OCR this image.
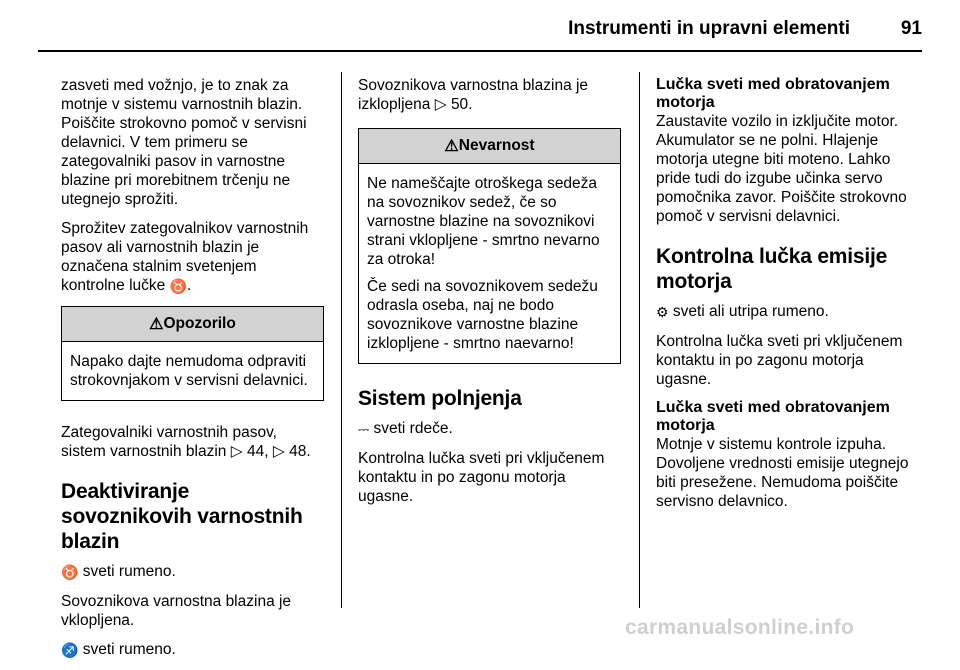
Instrumenti in upravni elementi	91

zasveti med vožnjo, je to znak za motnje v sistemu varnostnih blazin. Poiščite strokovno pomoč v servisni delavnici. V tem primeru se zategovalniki pasov in varnostne blazine pri morebitnem trčenju ne utegnejo sprožiti.

Sprožitev zategovalnikov varnostnih pasov ali varnostnih blazin je označena stalnim svetenjem kontrolne lučke ♉.

⚠Opozorilo

Napako dajte nemudoma odpraviti strokovnjakom v servisni delavnici.

Zategovalniki varnostnih pasov, sistem varnostnih blazin ▷ 44, ▷ 48.

Deaktiviranje sovoznikovih varnostnih blazin

♉ sveti rumeno.

Sovoznikova varnostna blazina je vklopljena.

♐ sveti rumeno.

Sovoznikova varnostna blazina je izklopljena ▷ 50.

⚠Nevarnost

Ne nameščajte otroškega sedeža na sovoznikov sedež, če so varnostne blazine na sovoznikovi strani vklopljene - smrtno nevarno za otroka!

Če sedi na sovoznikovem sedežu odrasla oseba, naj ne bodo sovoznikove varnostne blazine izklopljene - smrtno naevarno!

Sistem polnjenja

⎓ sveti rdeče.

Kontrolna lučka sveti pri vključenem kontaktu in po zagonu motorja ugasne.

Lučka sveti med obratovanjem motorja

Zaustavite vozilo in izključite motor. Akumulator se ne polni. Hlajenje motorja utegne biti moteno. Lahko pride tudi do izgube učinka servo pomočnika zavor. Poiščite strokovno pomoč v servisni delavnici.

Kontrolna lučka emisije motorja

⚙ sveti ali utripa rumeno.

Kontrolna lučka sveti pri vključenem kontaktu in po zagonu motorja ugasne.

Lučka sveti med obratovanjem motorja

Motnje v sistemu kontrole izpuha. Dovoljene vrednosti emisije utegnejo biti presežene. Nemudoma poiščite servisno delavnico.

carmanualsonline.info
